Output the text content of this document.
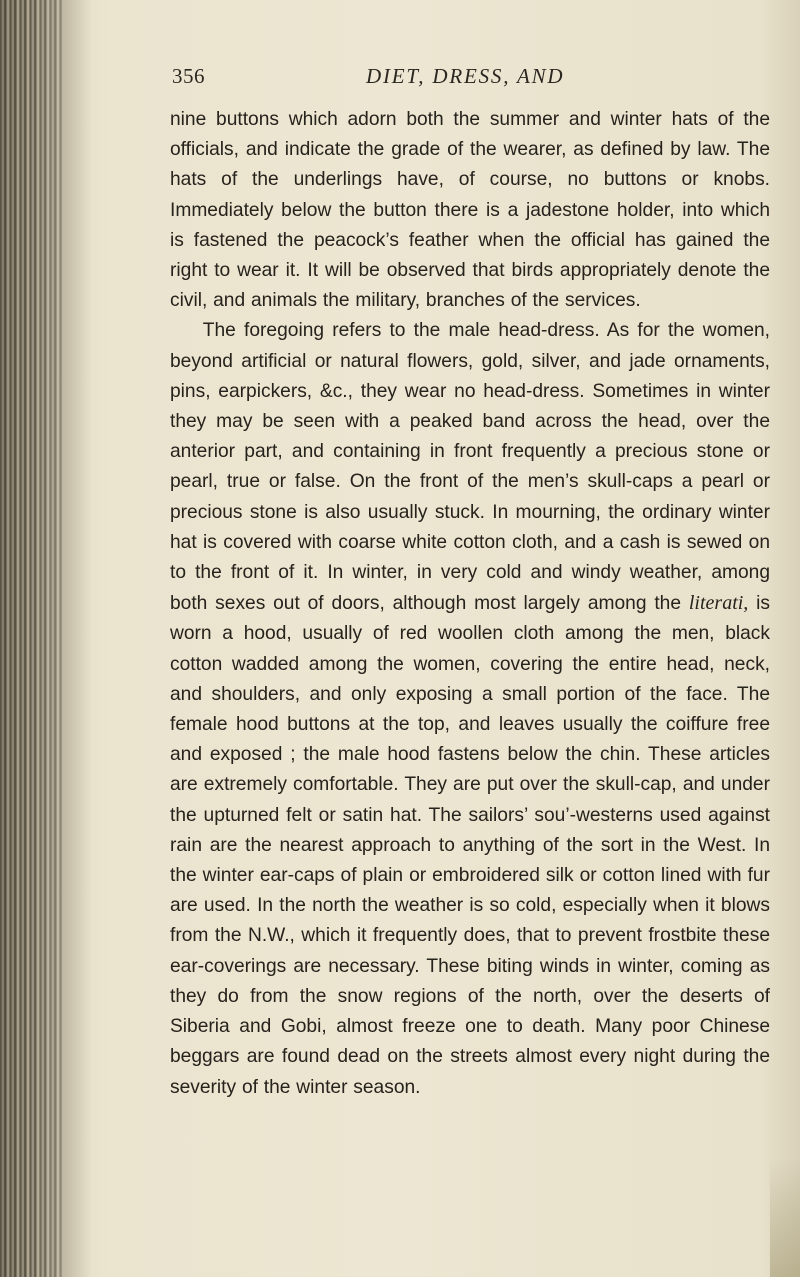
356	DIET, DRESS, AND

nine buttons which adorn both the summer and winter hats of the officials, and indicate the grade of the wearer, as defined by law. The hats of the underlings have, of course, no buttons or knobs. Immediately below the button there is a jadestone holder, into which is fastened the peacock’s feather when the official has gained the right to wear it. It will be observed that birds appropriately denote the civil, and animals the military, branches of the services.

The foregoing refers to the male head-dress. As for the women, beyond artificial or natural flowers, gold, silver, and jade ornaments, pins, earpickers, &c., they wear no head-dress. Sometimes in winter they may be seen with a peaked band across the head, over the anterior part, and containing in front frequently a precious stone or pearl, true or false. On the front of the men’s skull-caps a pearl or precious stone is also usually stuck. In mourning, the ordinary winter hat is covered with coarse white cotton cloth, and a cash is sewed on to the front of it. In winter, in very cold and windy weather, among both sexes out of doors, although most largely among the literati, is worn a hood, usually of red woollen cloth among the men, black cotton wadded among the women, covering the entire head, neck, and shoulders, and only exposing a small portion of the face. The female hood buttons at the top, and leaves usually the coiffure free and exposed ; the male hood fastens below the chin. These articles are extremely comfortable. They are put over the skull-cap, and under the upturned felt or satin hat. The sailors’ sou’-westerns used against rain are the nearest approach to anything of the sort in the West. In the winter ear-caps of plain or embroidered silk or cotton lined with fur are used. In the north the weather is so cold, especially when it blows from the N.W., which it frequently does, that to prevent frostbite these ear-coverings are necessary. These biting winds in winter, coming as they do from the snow regions of the north, over the deserts of Siberia and Gobi, almost freeze one to death. Many poor Chinese beggars are found dead on the streets almost every night during the severity of the winter season.
